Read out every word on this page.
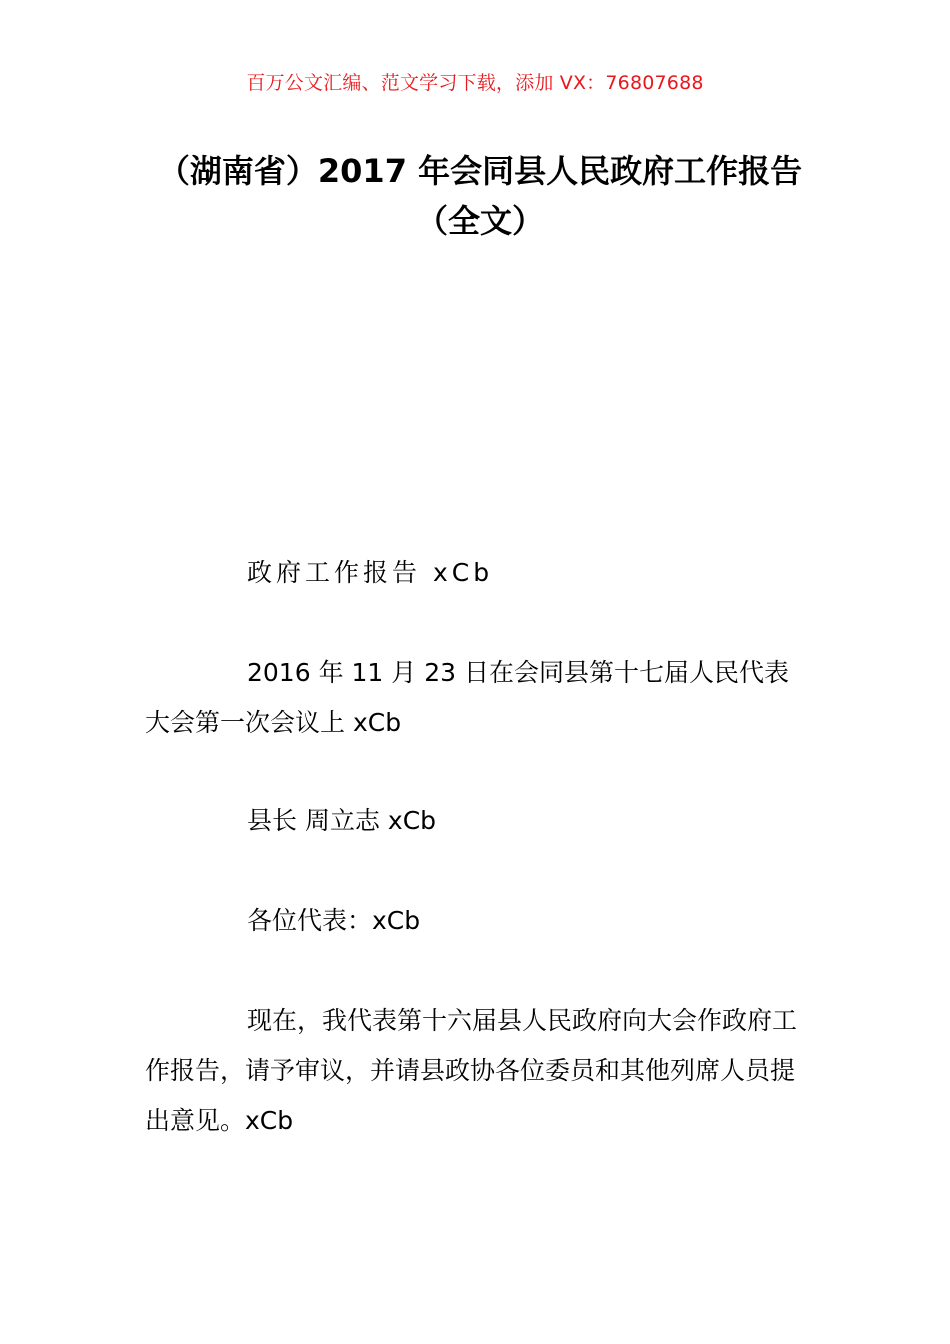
百万公文汇编、范文学习下载，添加 VX：76807688
（湖南省）2017 年会同县人民政府工作报告（全文）

政府工作报告 xCb

2016 年 11 月 23 日在会同县第十七届人民代表大会第一次会议上 xCb

县长 周立志 xCb

各位代表：xCb

现在，我代表第十六届县人民政府向大会作政府工作报告，请予审议，并请县政协各位委员和其他列席人员提出意见。xCb
